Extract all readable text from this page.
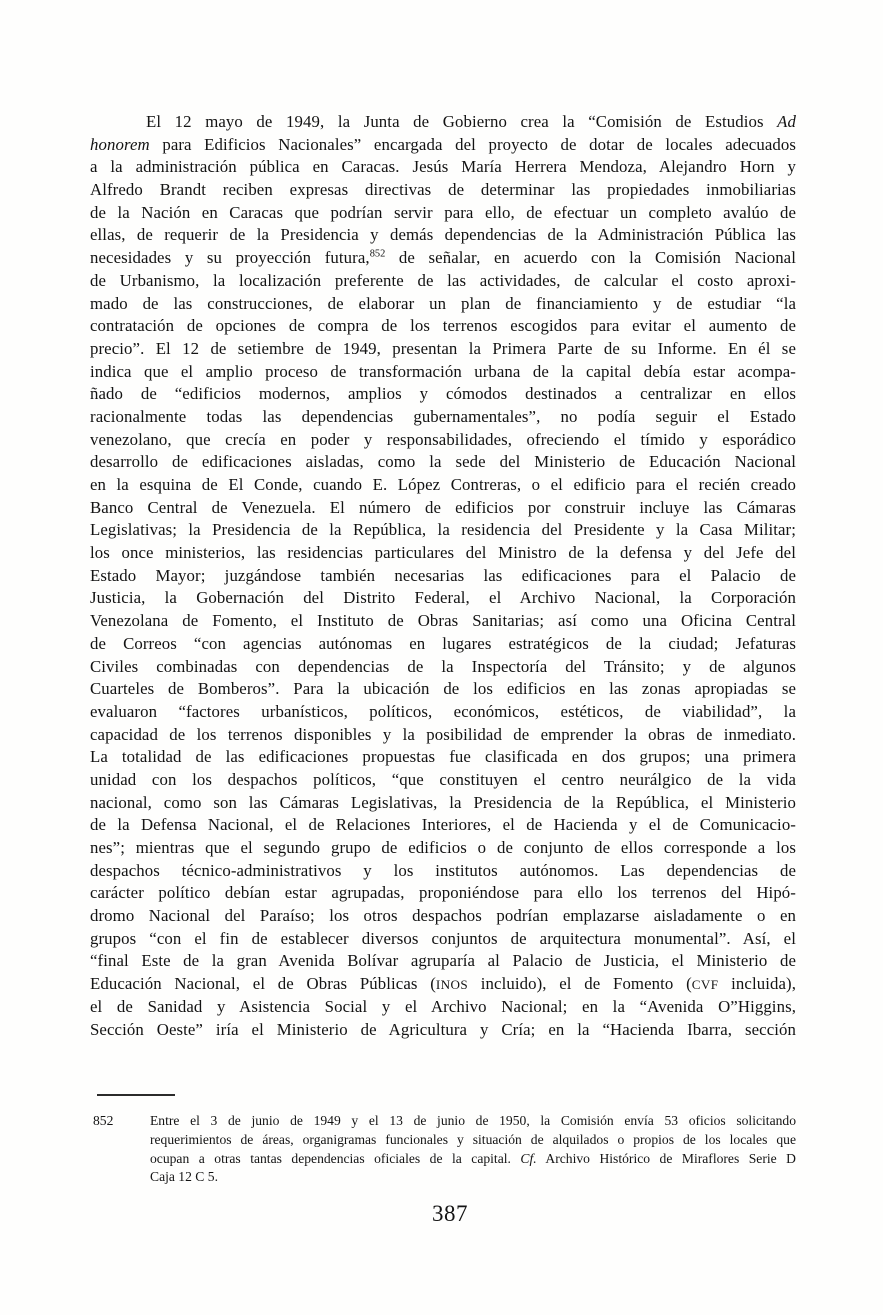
El 12 mayo de 1949, la Junta de Gobierno crea la “Comisión de Estudios Ad
honorem para Edificios Nacionales” encargada del proyecto de dotar de locales adecuados
a la administración pública en Caracas. Jesús María Herrera Mendoza, Alejandro Horn y
Alfredo Brandt reciben expresas directivas de determinar las propiedades inmobiliarias
de la Nación en Caracas que podrían servir para ello, de efectuar un completo avalúo de
ellas, de requerir de la Presidencia y demás dependencias de la Administración Pública las
necesidades y su proyección futura,$^{852}$ de señalar, en acuerdo con la Comisión Nacional
de Urbanismo, la localización preferente de las actividades, de calcular el costo aproxi-
mado de las construcciones, de elaborar un plan de financiamiento y de estudiar “la
contratación de opciones de compra de los terrenos escogidos para evitar el aumento de
precio”. El 12 de setiembre de 1949, presentan la Primera Parte de su Informe. En él se
indica que el amplio proceso de transformación urbana de la capital debía estar acompa-
ñado de “edificios modernos, amplios y cómodos destinados a centralizar en ellos
racionalmente todas las dependencias gubernamentales”, no podía seguir el Estado
venezolano, que crecía en poder y responsabilidades, ofreciendo el tímido y esporádico
desarrollo de edificaciones aisladas, como la sede del Ministerio de Educación Nacional
en la esquina de El Conde, cuando E. López Contreras, o el edificio para el recién creado
Banco Central de Venezuela. El número de edificios por construir incluye las Cámaras
Legislativas; la Presidencia de la República, la residencia del Presidente y la Casa Militar;
los once ministerios, las residencias particulares del Ministro de la defensa y del Jefe del
Estado Mayor; juzgándose también necesarias las edificaciones para el Palacio de
Justicia, la Gobernación del Distrito Federal, el Archivo Nacional, la Corporación
Venezolana de Fomento, el Instituto de Obras Sanitarias; así como una Oficina Central
de Correos “con agencias autónomas en lugares estratégicos de la ciudad; Jefaturas
Civiles combinadas con dependencias de la Inspectoría del Tránsito; y de algunos
Cuarteles de Bomberos”. Para la ubicación de los edificios en las zonas apropiadas se
evaluaron “factores urbanísticos, políticos, económicos, estéticos, de viabilidad”, la
capacidad de los terrenos disponibles y la posibilidad de emprender la obras de inmediato.
La totalidad de las edificaciones propuestas fue clasificada en dos grupos; una primera
unidad con los despachos políticos, “que constituyen el centro neurálgico de la vida
nacional, como son las Cámaras Legislativas, la Presidencia de la República, el Ministerio
de la Defensa Nacional, el de Relaciones Interiores, el de Hacienda y el de Comunicacio-
nes”; mientras que el segundo grupo de edificios o de conjunto de ellos corresponde a los
despachos técnico-administrativos y los institutos autónomos. Las dependencias de
carácter político debían estar agrupadas, proponiéndose para ello los terrenos del Hipó-
dromo Nacional del Paraíso; los otros despachos podrían emplazarse aisladamente o en
grupos “con el fin de establecer diversos conjuntos de arquitectura monumental”. Así, el
“final Este de la gran Avenida Bolívar agruparía al Palacio de Justicia, el Ministerio de
Educación Nacional, el de Obras Públicas (INOS incluido), el de Fomento (CVF incluida),
el de Sanidad y Asistencia Social y el Archivo Nacional; en la “Avenida O”Higgins,
Sección Oeste” iría el Ministerio de Agricultura y Cría; en la “Hacienda Ibarra, sección
852	Entre el 3 de junio de 1949 y el 13 de junio de 1950, la Comisión envía 53 oficios solicitando
requerimientos de áreas, organigramas funcionales y situación de alquilados o propios de los locales que
ocupan a otras tantas dependencias oficiales de la capital. Cf. Archivo Histórico de Miraflores Serie D
Caja 12 C 5.
387
